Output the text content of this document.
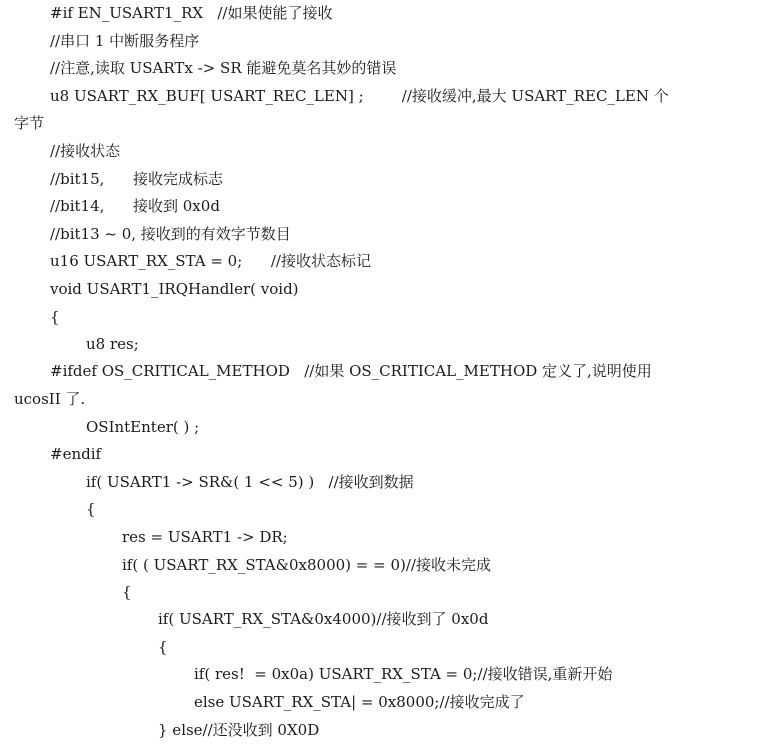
#if EN_USART1_RX   //如果使能了接收
//串口 1 中断服务程序
//注意,读取 USARTx -> SR 能避免莫名其妙的错误
u8 USART_RX_BUF[ USART_REC_LEN] ;        //接收缓冲,最大 USART_REC_LEN 个
字节
//接收状态
//bit15,      接收完成标志
//bit14,      接收到 0x0d
//bit13 ~ 0, 接收到的有效字节数目
u16 USART_RX_STA = 0;      //接收状态标记
void USART1_IRQHandler( void)
{
u8 res;
#ifdef OS_CRITICAL_METHOD   //如果 OS_CRITICAL_METHOD 定义了,说明使用
ucosII 了.
OSIntEnter( ) ;
#endif
if( USART1 -> SR&( 1 << 5) )   //接收到数据
{
res = USART1 -> DR;
if( ( USART_RX_STA&0x8000) = = 0)//接收未完成
{
if( USART_RX_STA&0x4000)//接收到了 0x0d
{
if( res!  = 0x0a) USART_RX_STA = 0;//接收错误,重新开始
else USART_RX_STA| = 0x8000;//接收完成了
} else//还没收到 0X0D
